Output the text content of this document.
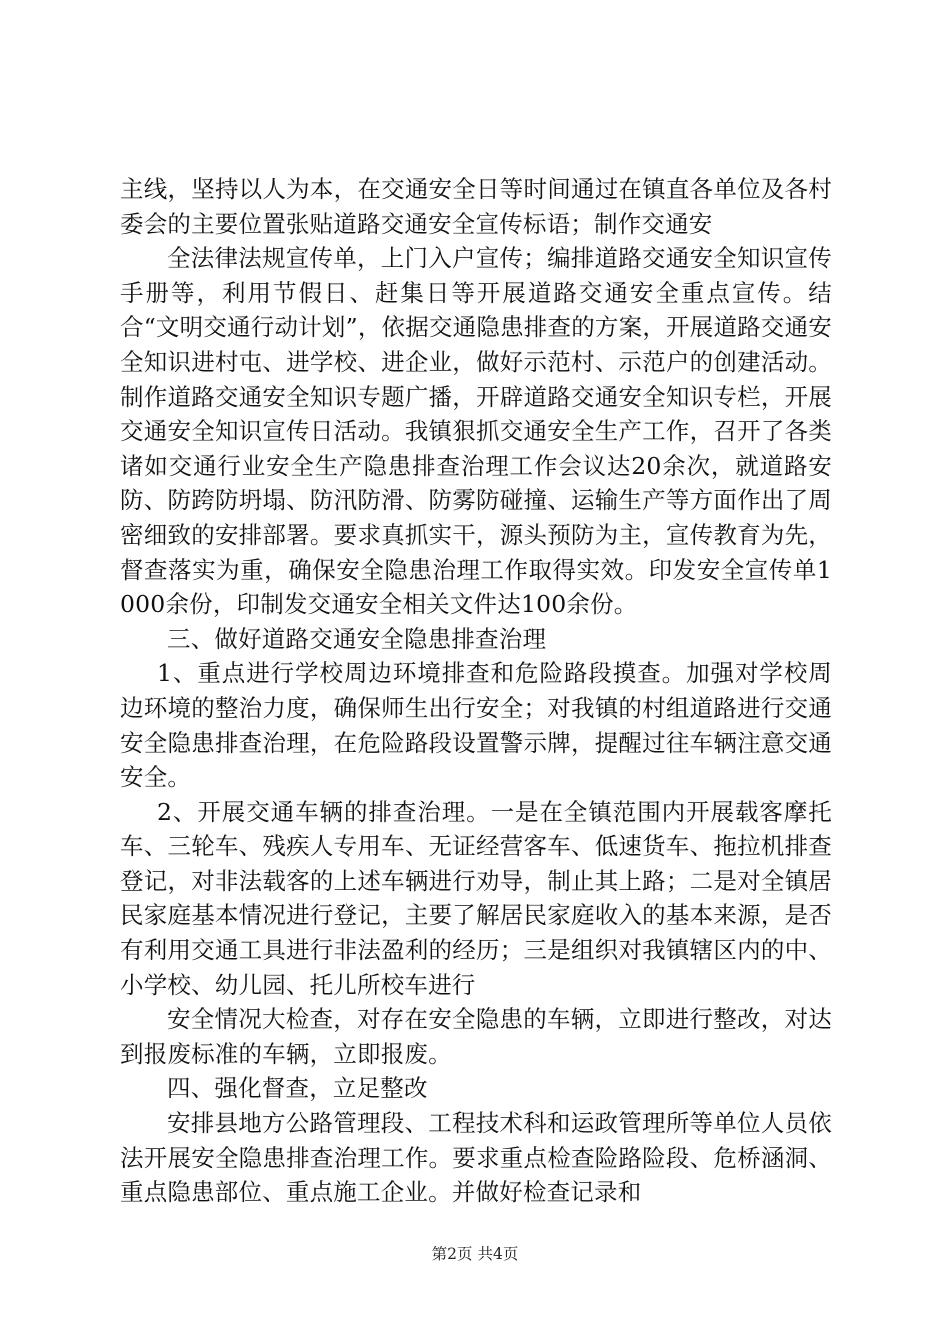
主线，坚持以人为本，在交通安全日等时间通过在镇直各单位及各村委会的主要位置张贴道路交通安全宣传标语；制作交通安

全法律法规宣传单，上门入户宣传；编排道路交通安全知识宣传手册等，利用节假日、赶集日等开展道路交通安全重点宣传。结合“文明交通行动计划”，依据交通隐患排查的方案，开展道路交通安全知识进村屯、进学校、进企业，做好示范村、示范户的创建活动。制作道路交通安全知识专题广播，开辟道路交通安全知识专栏，开展交通安全知识宣传日活动。我镇狠抓交通安全生产工作，召开了各类诸如交通行业安全生产隐患排查治理工作会议达20余次，就道路安防、防跨防坍塌、防汛防滑、防雾防碰撞、运输生产等方面作出了周密细致的安排部署。要求真抓实干，源头预防为主，宣传教育为先，督查落实为重，确保安全隐患治理工作取得实效。印发安全宣传单1000余份，印制发交通安全相关文件达100余份。

三、做好道路交通安全隐患排查治理

1、重点进行学校周边环境排查和危险路段摸查。加强对学校周边环境的整治力度，确保师生出行安全；对我镇的村组道路进行交通安全隐患排查治理，在危险路段设置警示牌，提醒过往车辆注意交通安全。

2、开展交通车辆的排查治理。一是在全镇范围内开展载客摩托车、三轮车、残疾人专用车、无证经营客车、低速货车、拖拉机排查登记，对非法载客的上述车辆进行劝导，制止其上路；二是对全镇居民家庭基本情况进行登记，主要了解居民家庭收入的基本来源，是否有利用交通工具进行非法盈利的经历；三是组织对我镇辖区内的中、小学校、幼儿园、托儿所校车进行

安全情况大检查，对存在安全隐患的车辆，立即进行整改，对达到报废标准的车辆，立即报废。

四、强化督查，立足整改

安排县地方公路管理段、工程技术科和运政管理所等单位人员依法开展安全隐患排查治理工作。要求重点检查险路险段、危桥涵洞、重点隐患部位、重点施工企业。并做好检查记录和

第2页 共4页
